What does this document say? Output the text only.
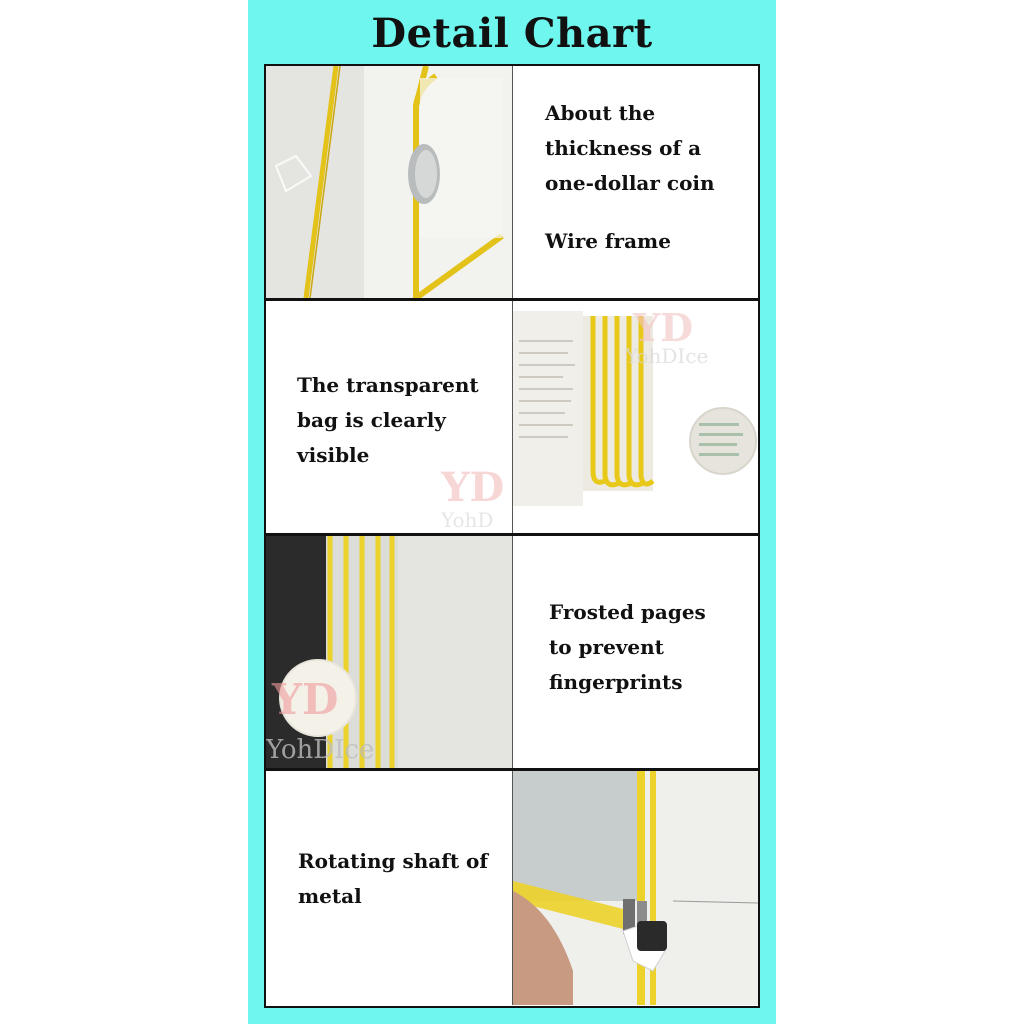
Detail Chart

About the

thickness of a

one-dollar coin

Wire frame

YD
YohD

The transparent

bag is clearly

visible

YD
YohDIce
YD
YohDIce

Frosted pages

to prevent

fingerprints

Rotating shaft of

metal
